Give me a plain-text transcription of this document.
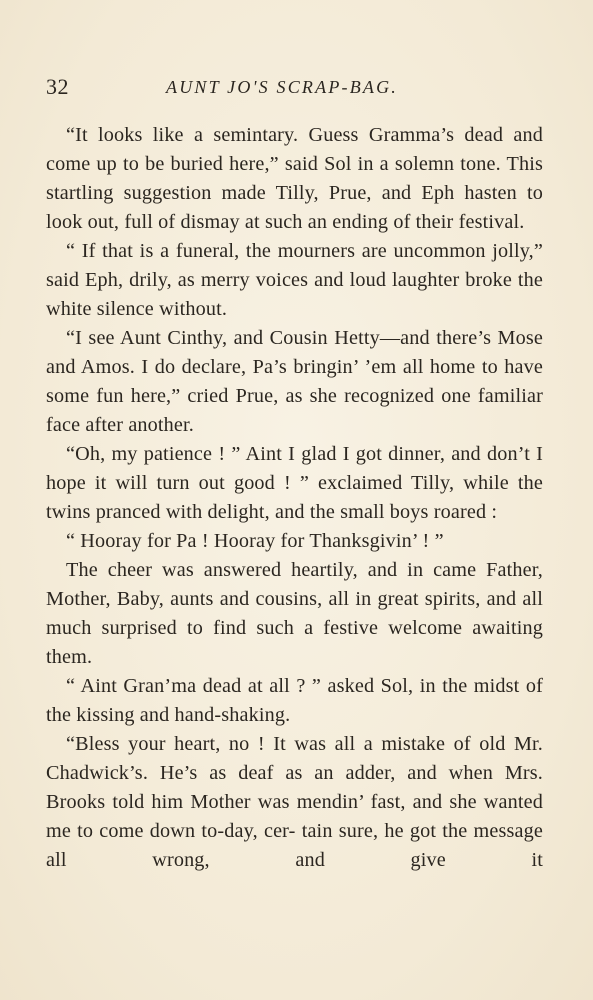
32	AUNT JO'S SCRAP-BAG.

“It looks like a semintary. Guess Gramma’s dead and come up to be buried here,” said Sol in a solemn tone. This startling suggestion made Tilly, Prue, and Eph hasten to look out, full of dismay at such an ending of their festival.

“ If that is a funeral, the mourners are uncommon jolly,” said Eph, drily, as merry voices and loud laughter broke the white silence without.

“I see Aunt Cinthy, and Cousin Hetty—and there’s Mose and Amos. I do declare, Pa’s bringin’ ’em all home to have some fun here,” cried Prue, as she recognized one familiar face after another.

“Oh, my patience ! ” Aint I glad I got dinner, and don’t I hope it will turn out good ! ” exclaimed Tilly, while the twins pranced with delight, and the small boys roared :

“ Hooray for Pa ! Hooray for Thanksgivin’ ! ”

The cheer was answered heartily, and in came Father, Mother, Baby, aunts and cousins, all in great spirits, and all much surprised to find such a festive welcome awaiting them.

“ Aint Gran’ma dead at all ? ” asked Sol, in the midst of the kissing and hand-shaking.

“Bless your heart, no ! It was all a mistake of old Mr. Chadwick’s. He’s as deaf as an adder, and when Mrs. Brooks told him Mother was mendin’ fast, and she wanted me to come down to-day, cer- tain sure, he got the message all wrong, and give it
